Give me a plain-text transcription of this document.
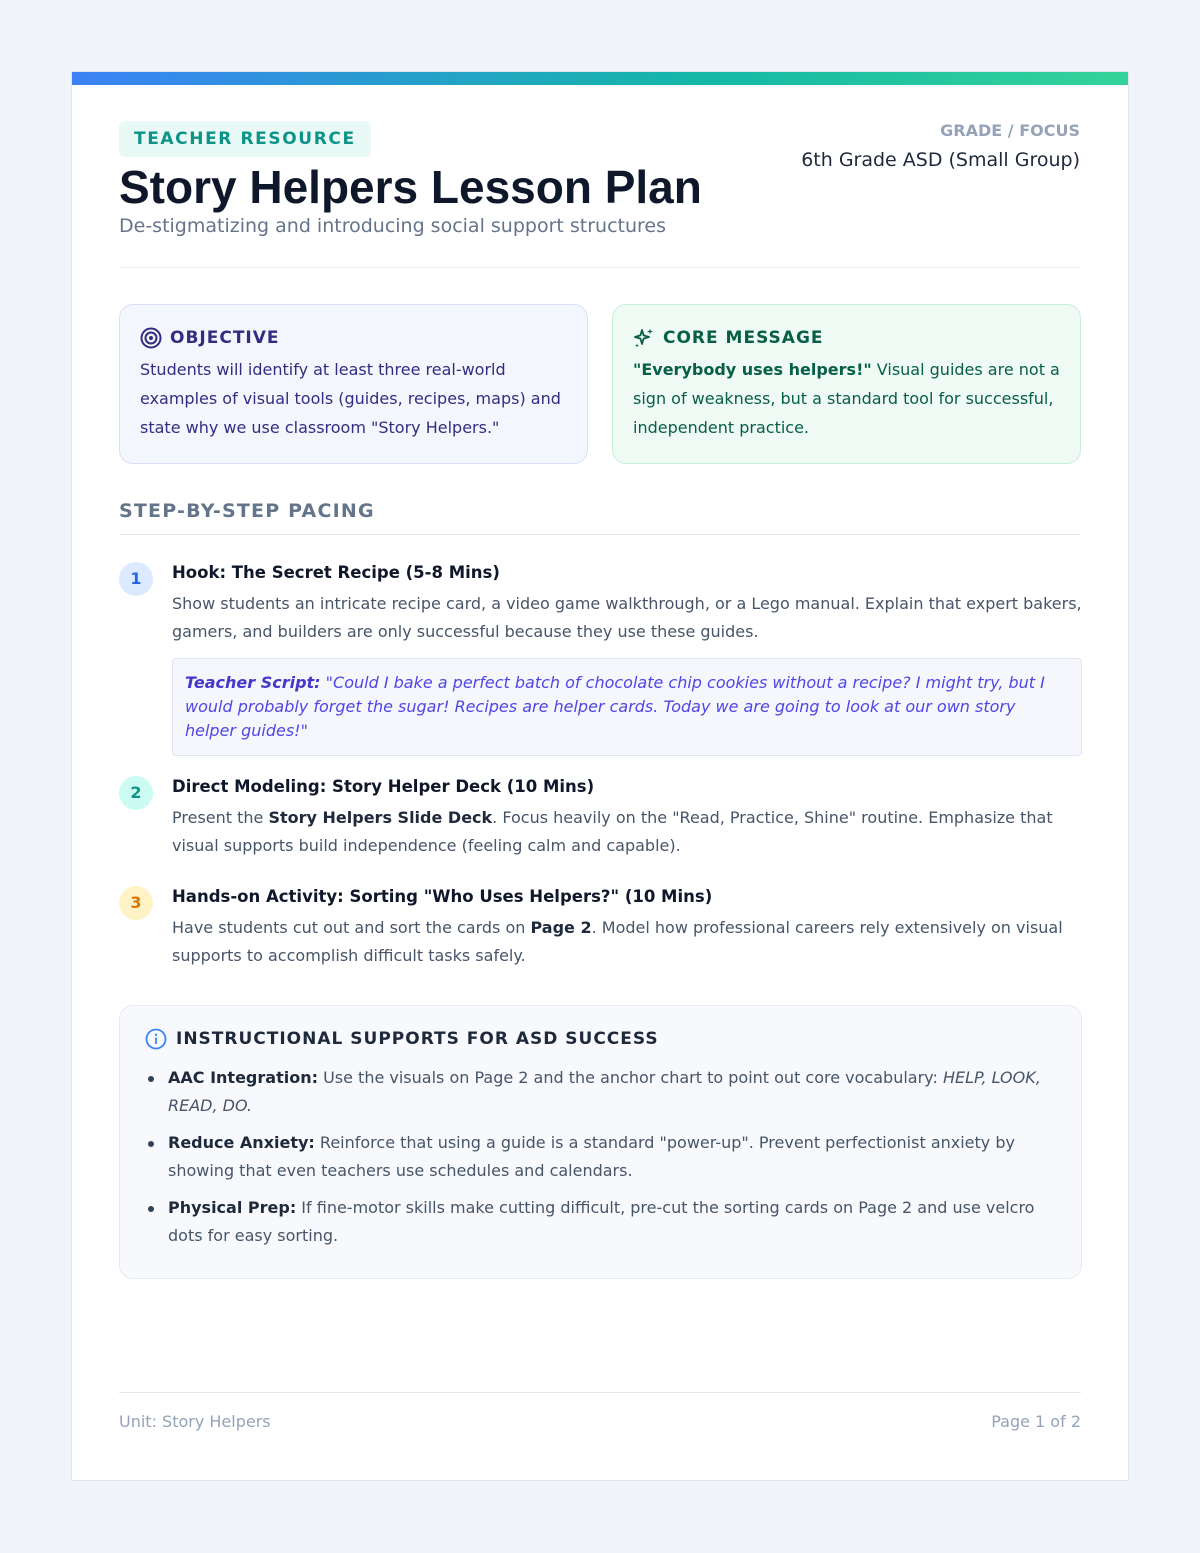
TEACHER RESOURCE
Story Helpers Lesson Plan
De-stigmatizing and introducing social support structures
GRADE / FOCUS
6th Grade ASD (Small Group)
OBJECTIVE
Students will identify at least three real-world examples of visual tools (guides, recipes, maps) and state why we use classroom "Story Helpers."
CORE MESSAGE
"Everybody uses helpers!" Visual guides are not a sign of weakness, but a standard tool for successful, independent practice.
STEP-BY-STEP PACING
1	Hook: The Secret Recipe (5-8 Mins)
Show students an intricate recipe card, a video game walkthrough, or a Lego manual. Explain that expert bakers, gamers, and builders are only successful because they use these guides.
Teacher Script: "Could I bake a perfect batch of chocolate chip cookies without a recipe? I might try, but I would probably forget the sugar! Recipes are helper cards. Today we are going to look at our own story helper guides!"
2	Direct Modeling: Story Helper Deck (10 Mins)
Present the Story Helpers Slide Deck. Focus heavily on the "Read, Practice, Shine" routine. Emphasize that visual supports build independence (feeling calm and capable).
3	Hands-on Activity: Sorting "Who Uses Helpers?" (10 Mins)
Have students cut out and sort the cards on Page 2. Model how professional careers rely extensively on visual supports to accomplish difficult tasks safely.
INSTRUCTIONAL SUPPORTS FOR ASD SUCCESS
AAC Integration: Use the visuals on Page 2 and the anchor chart to point out core vocabulary: HELP, LOOK, READ, DO.
Reduce Anxiety: Reinforce that using a guide is a standard "power-up". Prevent perfectionist anxiety by showing that even teachers use schedules and calendars.
Physical Prep: If fine-motor skills make cutting difficult, pre-cut the sorting cards on Page 2 and use velcro dots for easy sorting.
Unit: Story Helpers	Page 1 of 2
